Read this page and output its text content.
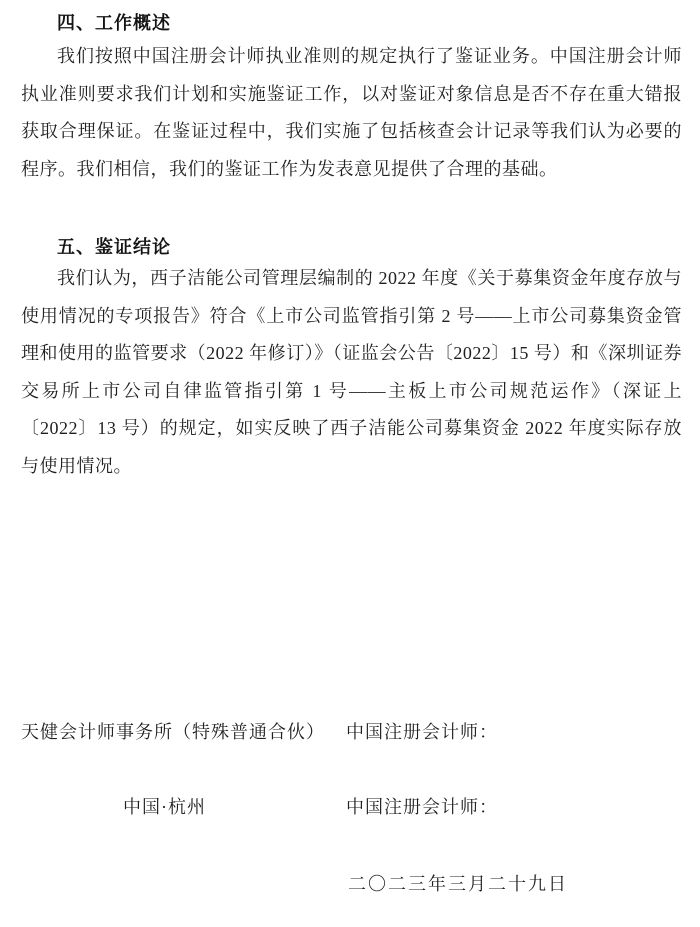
四、工作概述
我们按照中国注册会计师执业准则的规定执行了鉴证业务。中国注册会计师执业准则要求我们计划和实施鉴证工作，以对鉴证对象信息是否不存在重大错报获取合理保证。在鉴证过程中，我们实施了包括核查会计记录等我们认为必要的程序。我们相信，我们的鉴证工作为发表意见提供了合理的基础。
五、鉴证结论
我们认为，西子洁能公司管理层编制的 2022 年度《关于募集资金年度存放与使用情况的专项报告》符合《上市公司监管指引第 2 号——上市公司募集资金管理和使用的监管要求（2022 年修订）》（证监会公告〔2022〕15 号）和《深圳证券交易所上市公司自律监管指引第 1 号——主板上市公司规范运作》（深证上〔2022〕13 号）的规定，如实反映了西子洁能公司募集资金 2022 年度实际存放与使用情况。
天健会计师事务所（特殊普通合伙） 中国注册会计师：
中国·杭州	中国注册会计师：
二〇二三年三月二十九日
